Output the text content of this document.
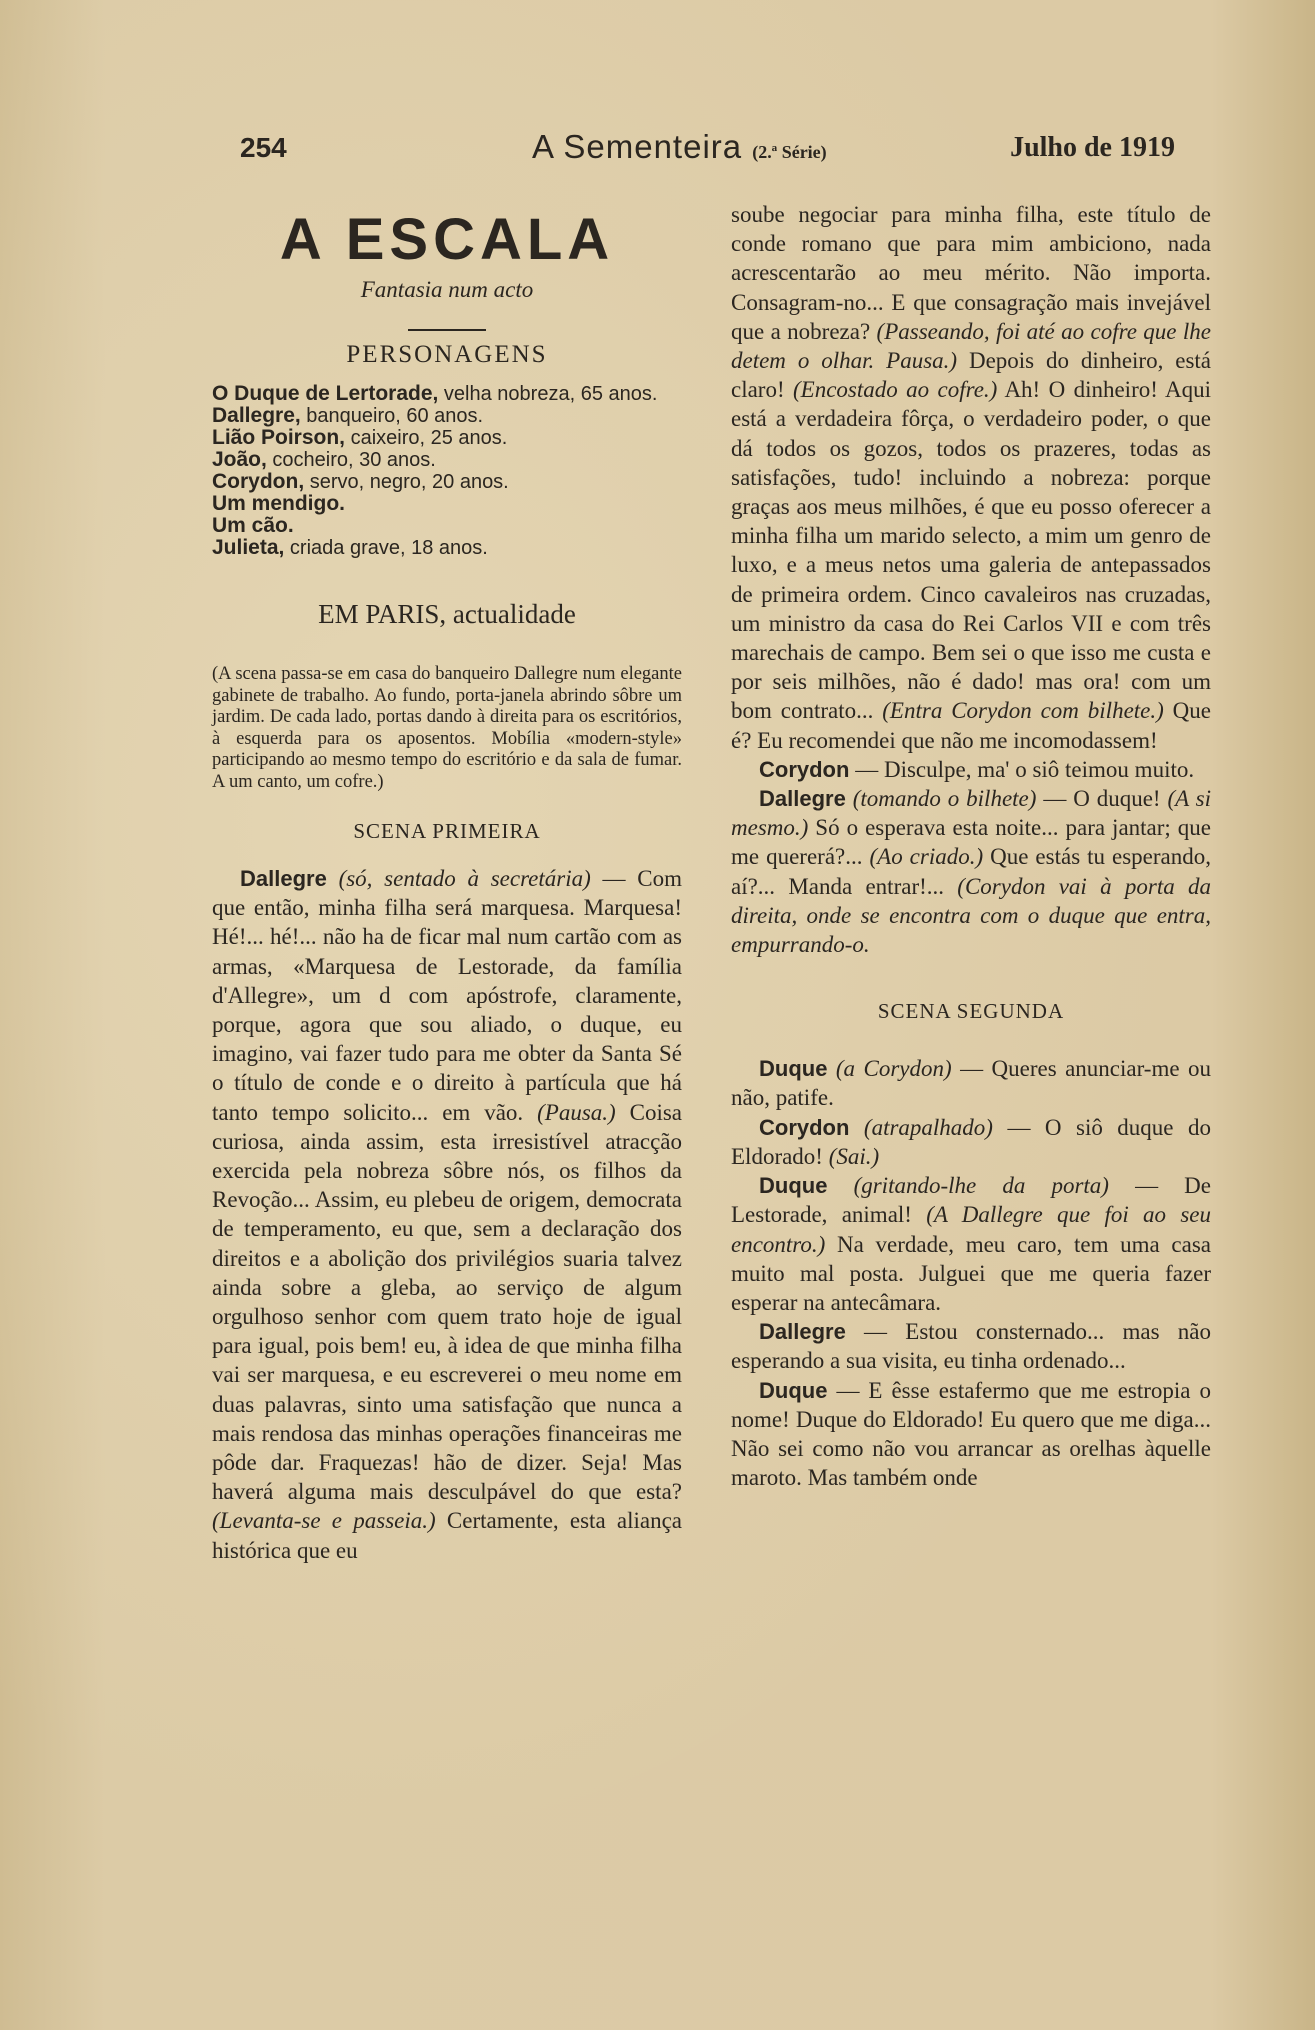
254	A Sementeira (2.ª Série)	Julho de 1919
A ESCALA

Fantasia num acto

PERSONAGENS
O Duque de Lertorade, velha nobreza, 65 anos.
Dallegre, banqueiro, 60 anos.
Lião Poirson, caixeiro, 25 anos.
João, cocheiro, 30 anos.
Corydon, servo, negro, 20 anos.
Um mendigo.
Um cão.
Julieta, criada grave, 18 anos.
EM PARIS, actualidade

(A scena passa-se em casa do banqueiro Dallegre num elegante gabinete de trabalho. Ao fundo, porta-janela abrindo sôbre um jardim. De cada lado, portas dando à direita para os escritórios, à esquerda para os aposentos. Mobília «modern-style» participando ao mesmo tempo do escritório e da sala de fumar. A um canto, um cofre.)

SCENA PRIMEIRA

Dallegre (só, sentado à secretária) — Com que então, minha filha será marquesa. Marquesa! Hé!... hé!... não ha de ficar mal num cartão com as armas, «Marquesa de Lestorade, da família d'Allegre», um d com apóstrofe, claramente, porque, agora que sou aliado, o duque, eu imagino, vai fazer tudo para me obter da Santa Sé o título de conde e o direito à partícula que há tanto tempo solicito... em vão. (Pausa.) Coisa curiosa, ainda assim, esta irresistível atracção exercida pela nobreza sôbre nós, os filhos da Revoção... Assim, eu plebeu de origem, democrata de temperamento, eu que, sem a declaração dos direitos e a abolição dos privilégios suaria talvez ainda sobre a gleba, ao serviço de algum orgulhoso senhor com quem trato hoje de igual para igual, pois bem! eu, à idea de que minha filha vai ser marquesa, e eu escreverei o meu nome em duas palavras, sinto uma satisfação que nunca a mais rendosa das minhas operações financeiras me pôde dar. Fraquezas! hão de dizer. Seja! Mas haverá alguma mais desculpável do que esta? (Levanta-se e passeia.) Certamente, esta aliança histórica que eu

soube negociar para minha filha, este título de conde romano que para mim ambiciono, nada acrescentarão ao meu mérito. Não importa. Consagram-no... E que consagração mais invejável que a nobreza? (Passeando, foi até ao cofre que lhe detem o olhar. Pausa.) Depois do dinheiro, está claro! (Encostado ao cofre.) Ah! O dinheiro! Aqui está a verdadeira fôrça, o verdadeiro poder, o que dá todos os gozos, todos os prazeres, todas as satisfações, tudo! incluindo a nobreza: porque graças aos meus milhões, é que eu posso oferecer a minha filha um marido selecto, a mim um genro de luxo, e a meus netos uma galeria de antepassados de primeira ordem. Cinco cavaleiros nas cruzadas, um ministro da casa do Rei Carlos VII e com três marechais de campo. Bem sei o que isso me custa e por seis milhões, não é dado! mas ora! com um bom contrato... (Entra Corydon com bilhete.) Que é? Eu recomendei que não me incomodassem!

Corydon — Disculpe, ma' o siô teimou muito.

Dallegre (tomando o bilhete) — O duque! (A si mesmo.) Só o esperava esta noite... para jantar; que me quererá?... (Ao criado.) Que estás tu esperando, aí?... Manda entrar!... (Corydon vai à porta da direita, onde se encontra com o duque que entra, empurrando-o.

SCENA SEGUNDA

Duque (a Corydon) — Queres anunciar-me ou não, patife.

Corydon (atrapalhado) — O siô duque do Eldorado! (Sai.)

Duque (gritando-lhe da porta) — De Lestorade, animal! (A Dallegre que foi ao seu encontro.) Na verdade, meu caro, tem uma casa muito mal posta. Julguei que me queria fazer esperar na antecâmara.

Dallegre — Estou consternado... mas não esperando a sua visita, eu tinha ordenado...

Duque — E êsse estafermo que me estropia o nome! Duque do Eldorado! Eu quero que me diga... Não sei como não vou arrancar as orelhas àquelle maroto. Mas também onde
